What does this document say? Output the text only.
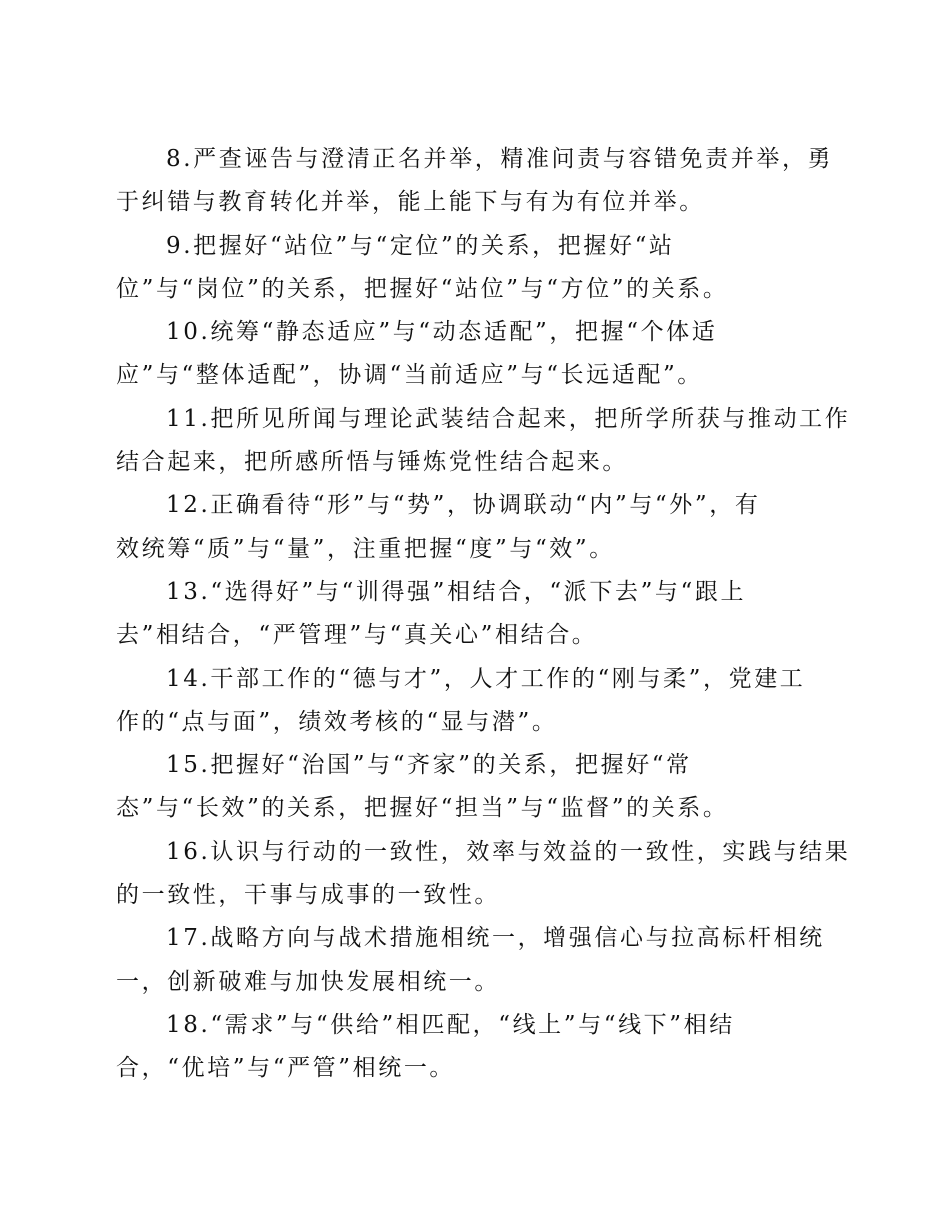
8.严查诬告与澄清正名并举，精准问责与容错免责并举，勇
于纠错与教育转化并举，能上能下与有为有位并举。
9.把握好“站位”与“定位”的关系，把握好“站
位”与“岗位”的关系，把握好“站位”与“方位”的关系。
10.统筹“静态适应”与“动态适配”，把握“个体适
应”与“整体适配”，协调“当前适应”与“长远适配”。
11.把所见所闻与理论武装结合起来，把所学所获与推动工作
结合起来，把所感所悟与锤炼党性结合起来。
12.正确看待“形”与“势”，协调联动“内”与“外”，有
效统筹“质”与“量”，注重把握“度”与“效”。
13.“选得好”与“训得强”相结合，“派下去”与“跟上
去”相结合，“严管理”与“真关心”相结合。
14.干部工作的“德与才”，人才工作的“刚与柔”，党建工
作的“点与面”，绩效考核的“显与潜”。
15.把握好“治国”与“齐家”的关系，把握好“常
态”与“长效”的关系，把握好“担当”与“监督”的关系。
16.认识与行动的一致性，效率与效益的一致性，实践与结果
的一致性，干事与成事的一致性。
17.战略方向与战术措施相统一，增强信心与拉高标杆相统
一，创新破难与加快发展相统一。
18.“需求”与“供给”相匹配，“线上”与“线下”相结
合，“优培”与“严管”相统一。
